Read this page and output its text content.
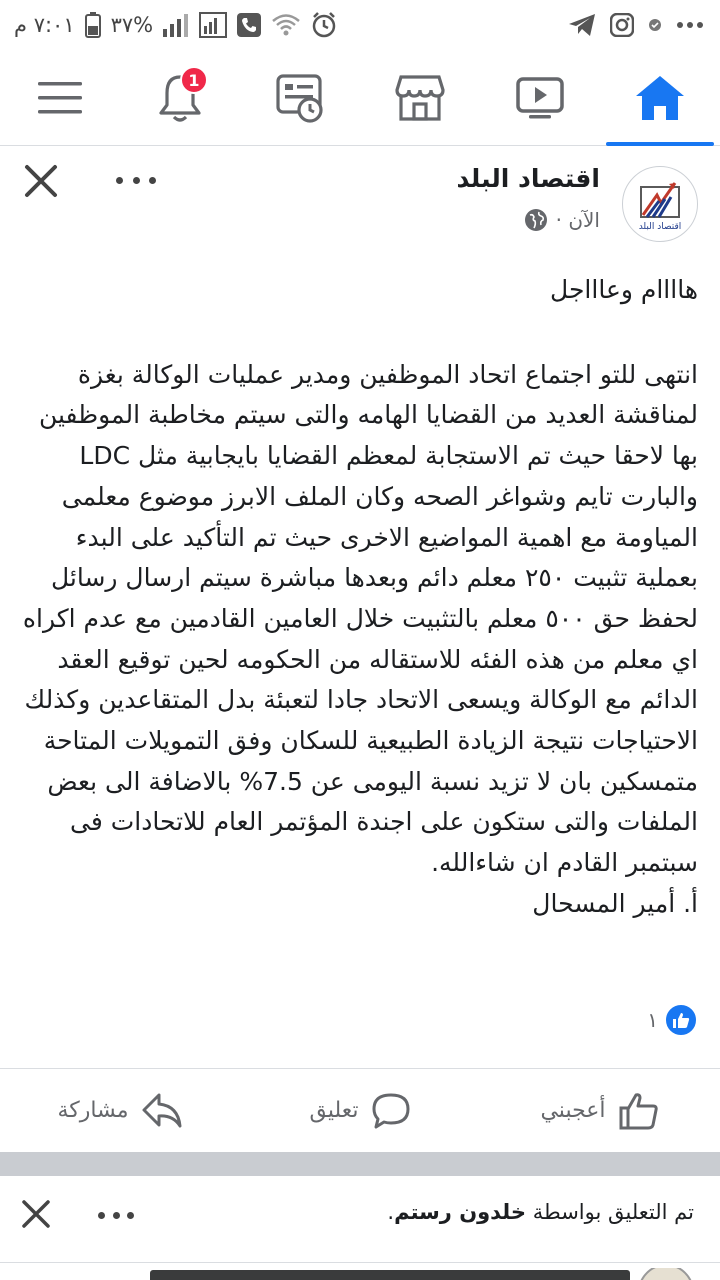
٧:٠١ م ٣٧%
1
اقتصاد البلد
اقتصاد البلد
الآن ·

هاااام وعاااجل

انتهى للتو اجتماع اتحاد الموظفين ومدير عمليات الوكالة بغزة لمناقشة العديد من القضايا الهامه والتى سيتم مخاطبة الموظفين بها لاحقا حيث تم الاستجابة لمعظم القضايا بايجابية مثل LDC والبارت تايم وشواغر الصحه وكان الملف الابرز موضوع معلمى المياومة مع اهمية المواضيع الاخرى حيث تم التأكيد على البدء بعملية تثبيت ٢٥٠ معلم دائم وبعدها مباشرة سيتم ارسال رسائل لحفظ حق ٥٠٠ معلم بالتثبيت خلال العامين القادمين مع عدم اكراه اي معلم من هذه الفئه للاستقاله من الحكومه لحين توقيع العقد الدائم مع الوكالة ويسعى الاتحاد جادا لتعبئة بدل المتقاعدين وكذلك الاحتياجات نتيجة الزيادة الطبيعية للسكان وفق التمويلات المتاحة متمسكين بان لا تزيد نسبة اليومى عن 7.5% بالاضافة الى بعض الملفات والتى ستكون على اجندة المؤتمر العام للاتحادات فى سبتمبر القادم ان شاءالله.
أ. أمير المسحال

١
أعجبني
تعليق
مشاركة
تم التعليق بواسطة خلدون رستم.
